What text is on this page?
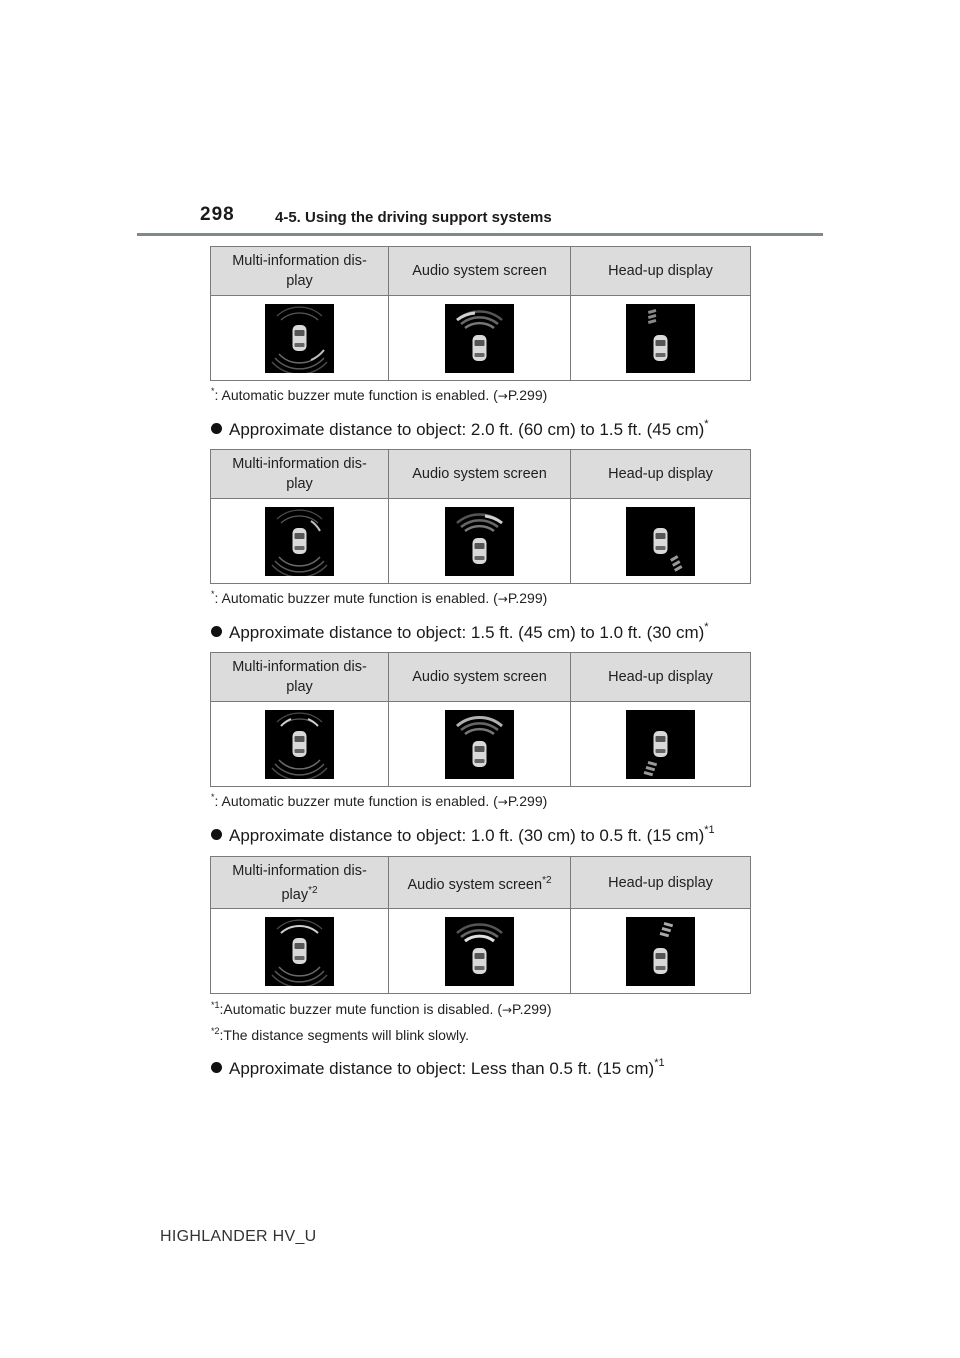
298	4-5. Using the driving support systems
Multi-information dis-
play	Audio system screen	Head-up display

*: Automatic buzzer mute function is enabled. (→P.299)
Approximate distance to object: 2.0 ft. (60 cm) to 1.5 ft. (45 cm)*
Multi-information dis-
play	Audio system screen	Head-up display

*: Automatic buzzer mute function is enabled. (→P.299)
Approximate distance to object: 1.5 ft. (45 cm) to 1.0 ft. (30 cm)*
Multi-information dis-
play	Audio system screen	Head-up display

*: Automatic buzzer mute function is enabled. (→P.299)
Approximate distance to object: 1.0 ft. (30 cm) to 0.5 ft. (15 cm)$^{*1}$
Multi-information dis-
play$^{*2}$	Audio system screen$^{*2}$	Head-up display

$^{*1}$:Automatic buzzer mute function is disabled. (→P.299)
$^{*2}$:The distance segments will blink slowly.
Approximate distance to object: Less than 0.5 ft. (15 cm)$^{*1}$
HIGHLANDER HV_U
